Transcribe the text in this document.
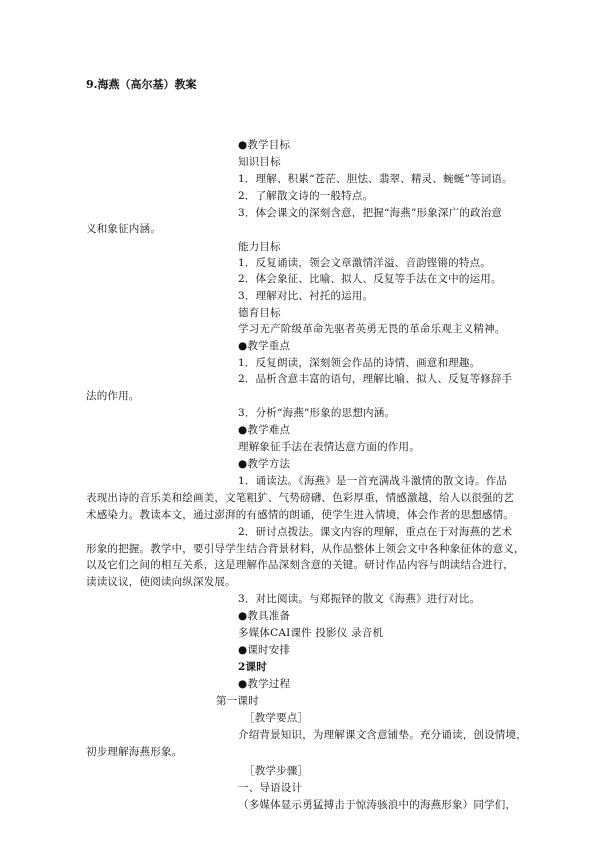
9.海燕（高尔基）教案
●教学目标
知识目标
1．理解、积累“苍茫、胆怯、翡翠、精灵、蜿蜒”等词语。
2．了解散文诗的一般特点。
3．体会课文的深刻含意，把握“海燕”形象深广的政治意
义和象征内涵。
能力目标
1．反复诵读，领会文章激情洋溢、音韵铿锵的特点。
2．体会象征、比喻、拟人、反复等手法在文中的运用。
3．理解对比、衬托的运用。
德育目标
学习无产阶级革命先驱者英勇无畏的革命乐观主义精神。
●教学重点
1．反复朗读，深刻领会作品的诗情、画意和理趣。
2．品析含意丰富的语句，理解比喻、拟人、反复等修辞手
法的作用。
3．分析“海燕”形象的思想内涵。
●教学难点
理解象征手法在表情达意方面的作用。
●教学方法
1．诵读法。《海燕》是一首充满战斗激情的散文诗。作品
表现出诗的音乐美和绘画美，文笔粗犷、气势磅礴、色彩厚重，情感激越，给人以很强的艺
术感染力。教读本文，通过澎湃的有感情的朗诵，使学生进入情境，体会作者的思想感情。
2．研讨点拨法。课文内容的理解，重点在于对海燕的艺术
形象的把握。教学中，要引导学生结合背景材料，从作品整体上领会文中各种象征体的意义，
以及它们之间的相互关系，这是理解作品深刻含意的关键。研讨作品内容与朗读结合进行，
读读议议，使阅读向纵深发展。
3．对比阅读。与郑振铎的散文《海燕》进行对比。
●教具准备
多媒体CAI课件 投影仪 录音机
●课时安排
2课时
●教学过程
第一课时
［教学要点］
介绍背景知识，为理解课文含意铺垫。充分诵读，创设情境，
初步理解海燕形象。
［教学步骤］
一、导语设计
（多媒体显示勇猛搏击于惊涛骇浪中的海燕形象）同学们，
